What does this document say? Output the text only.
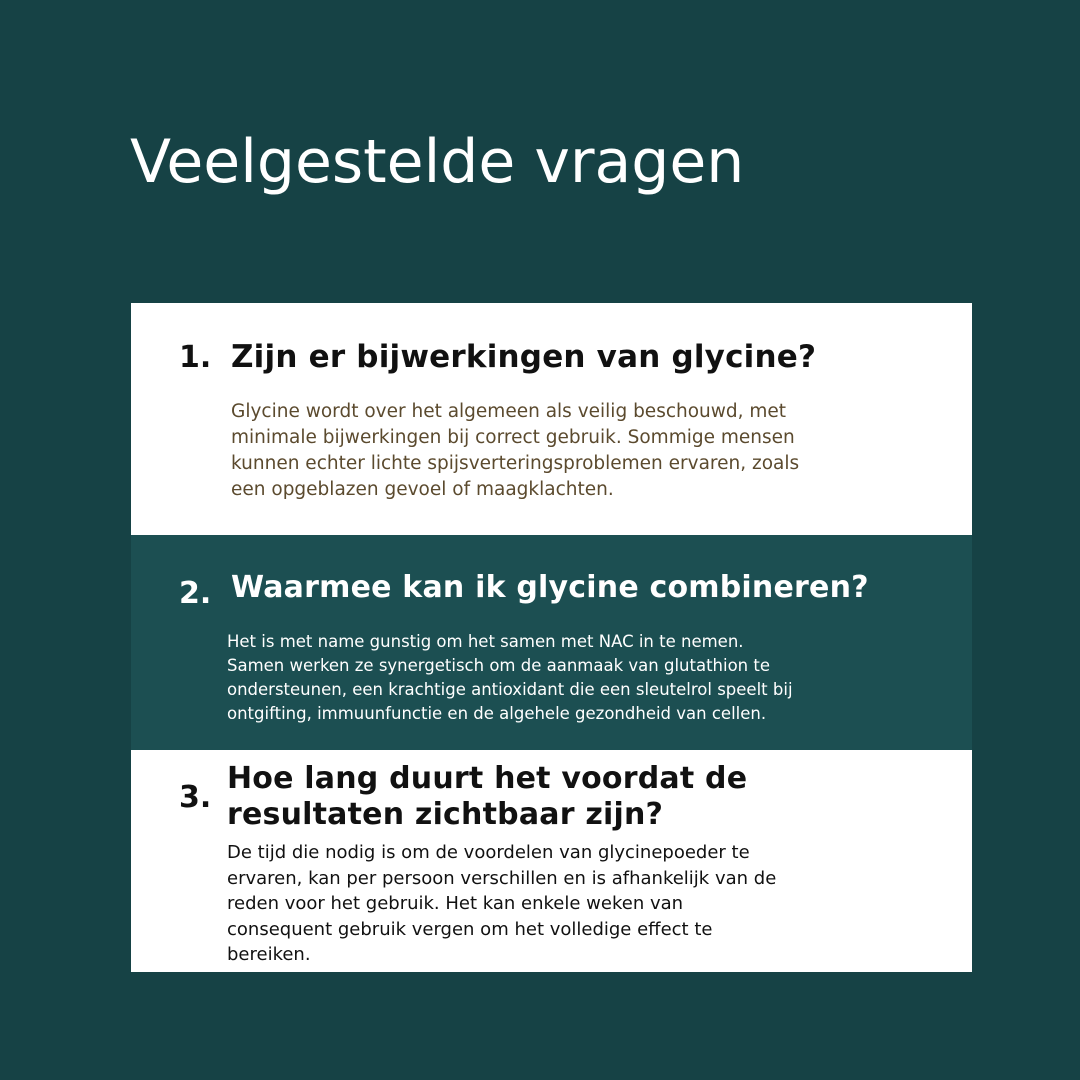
Veelgestelde vragen
1. Zijn er bijwerkingen van glycine?

Glycine wordt over het algemeen als veilig beschouwd, met
minimale bijwerkingen bij correct gebruik. Sommige mensen
kunnen echter lichte spijsverteringsproblemen ervaren, zoals
een opgeblazen gevoel of maagklachten.

2. Waarmee kan ik glycine combineren?

Het is met name gunstig om het samen met NAC in te nemen.
Samen werken ze synergetisch om de aanmaak van glutathion te
ondersteunen, een krachtige antioxidant die een sleutelrol speelt bij
ontgifting, immuunfunctie en de algehele gezondheid van cellen.

3.
Hoe lang duurt het voordat de
resultaten zichtbaar zijn?

De tijd die nodig is om de voordelen van glycinepoeder te
ervaren, kan per persoon verschillen en is afhankelijk van de
reden voor het gebruik. Het kan enkele weken van
consequent gebruik vergen om het volledige effect te
bereiken.
